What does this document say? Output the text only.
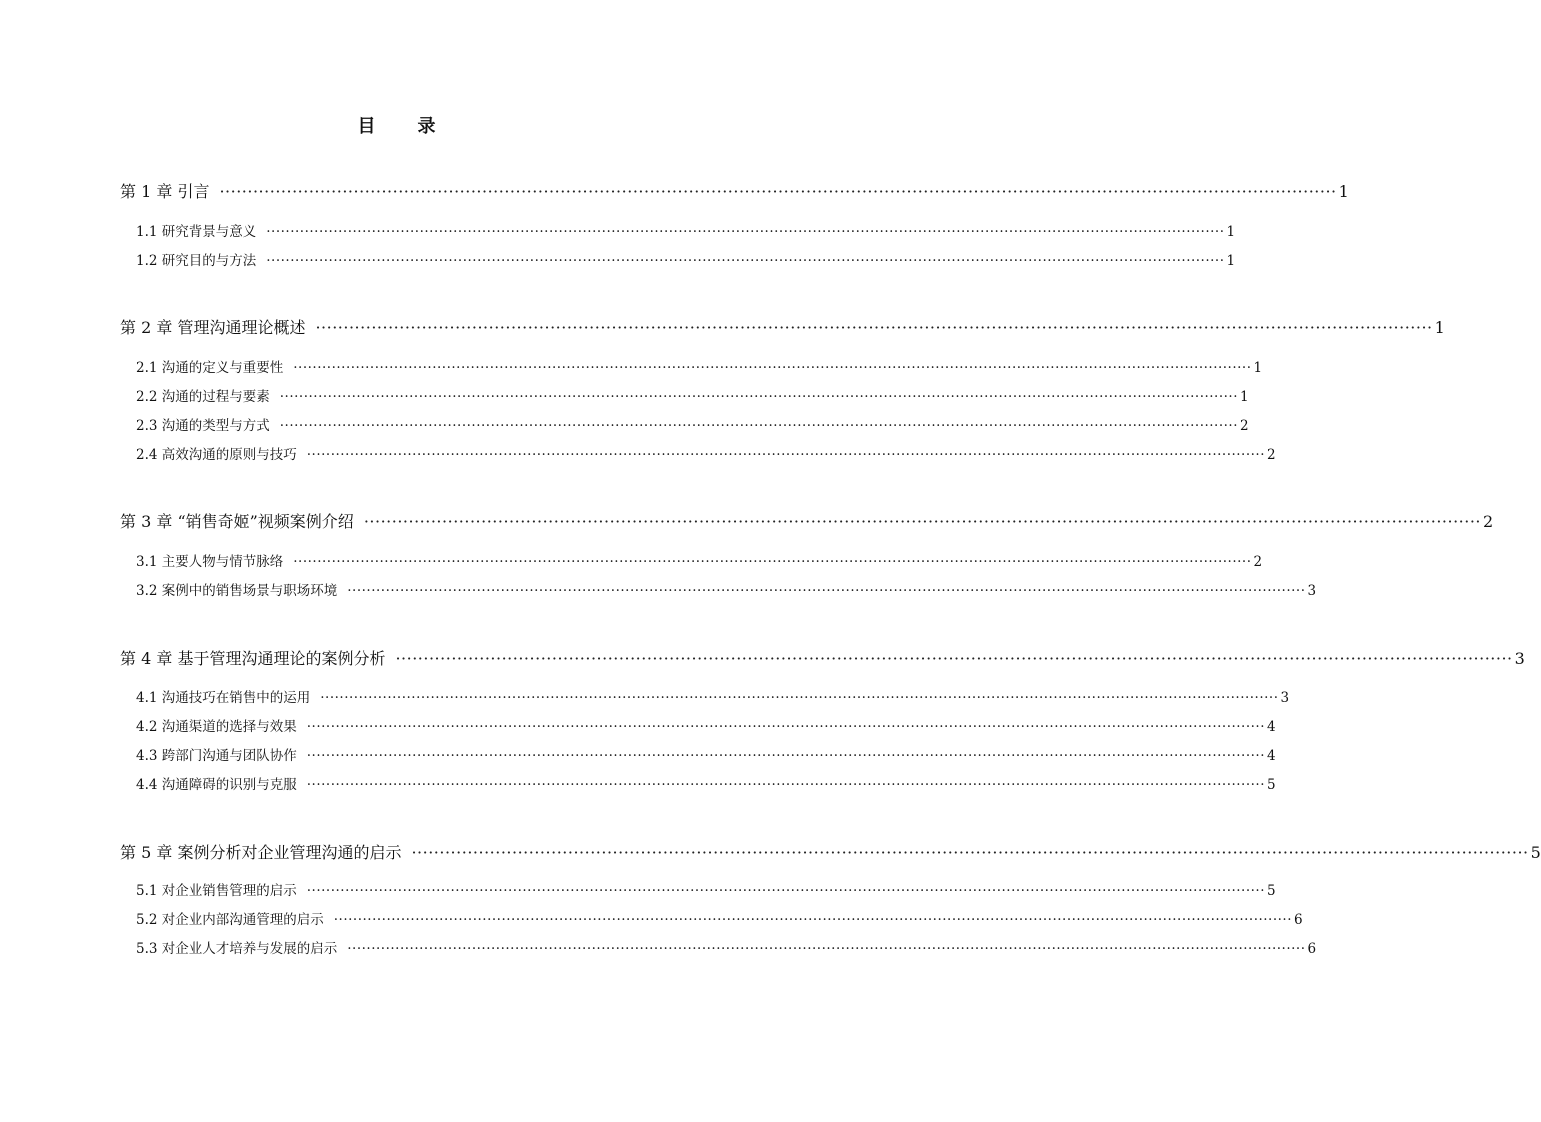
目　录
第 1 章 引言 ········································································································································································································ 1
1.1 研究背景与意义 ········································································································································································································ 1
1.2 研究目的与方法 ········································································································································································································ 1
第 2 章 管理沟通理论概述 ········································································································································································································ 1
2.1 沟通的定义与重要性 ········································································································································································································ 1
2.2 沟通的过程与要素 ········································································································································································································ 1
2.3 沟通的类型与方式 ········································································································································································································ 2
2.4 高效沟通的原则与技巧 ········································································································································································································ 2
第 3 章 “销售奇姬”视频案例介绍 ········································································································································································································ 2
3.1 主要人物与情节脉络 ········································································································································································································ 2
3.2 案例中的销售场景与职场环境 ········································································································································································································ 3
第 4 章 基于管理沟通理论的案例分析 ········································································································································································································ 3
4.1 沟通技巧在销售中的运用 ········································································································································································································ 3
4.2 沟通渠道的选择与效果 ········································································································································································································ 4
4.3 跨部门沟通与团队协作 ········································································································································································································ 4
4.4 沟通障碍的识别与克服 ········································································································································································································ 5
第 5 章 案例分析对企业管理沟通的启示 ········································································································································································································ 5
5.1 对企业销售管理的启示 ········································································································································································································ 5
5.2 对企业内部沟通管理的启示 ········································································································································································································ 6
5.3 对企业人才培养与发展的启示 ········································································································································································································ 6
